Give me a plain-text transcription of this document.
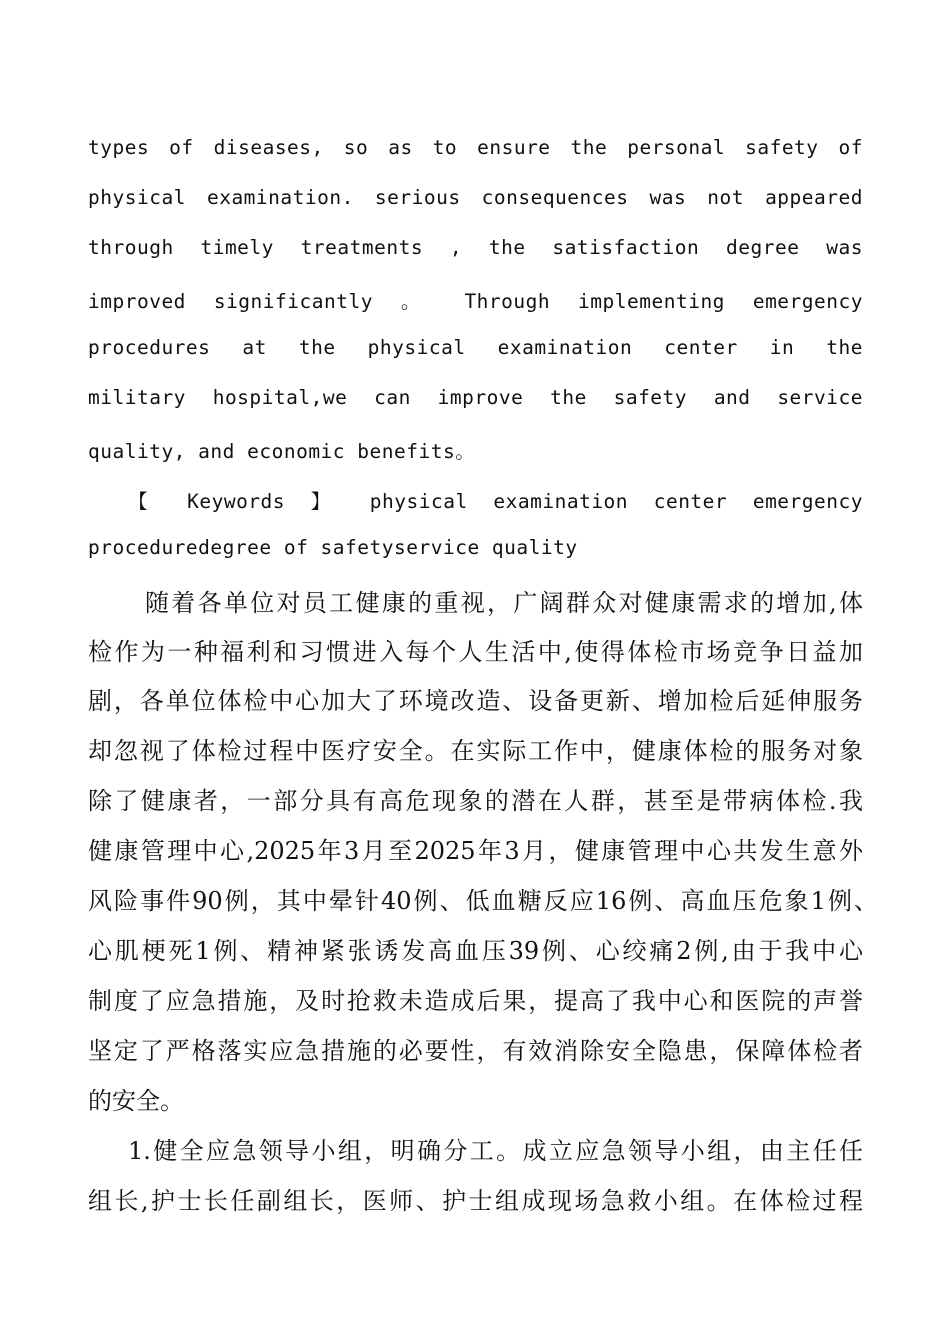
types of diseases, so as to ensure the personal safety of
physical examination. serious consequences was not appeared
through timely treatments , the satisfaction degree was
improved significantly 。 Through implementing emergency
procedures at the physical examination center in the
military hospital,we can improve the safety and service
quality, and economic benefits。
【 Keywords 】 physical examination center emergency
proceduredegree of safetyservice quality
随着各单位对员工健康的重视，广阔群众对健康需求的增加,体
检作为一种福利和习惯进入每个人生活中,使得体检市场竞争日益加
剧，各单位体检中心加大了环境改造、设备更新、增加检后延伸服务
却忽视了体检过程中医疗安全。在实际工作中，健康体检的服务对象
除了健康者，一部分具有高危现象的潜在人群，甚至是带病体检.我
健康管理中心,2025年3月至2025年3月，健康管理中心共发生意外
风险事件90例，其中晕针40例、低血糖反应16例、高血压危象1例、
心肌梗死1例、精神紧张诱发高血压39例、心绞痛2例,由于我中心
制度了应急措施，及时抢救未造成后果，提高了我中心和医院的声誉
坚定了严格落实应急措施的必要性，有效消除安全隐患，保障体检者
的安全。
1.健全应急领导小组，明确分工。成立应急领导小组，由主任任
组长,护士长任副组长，医师、护士组成现场急救小组。在体检过程
